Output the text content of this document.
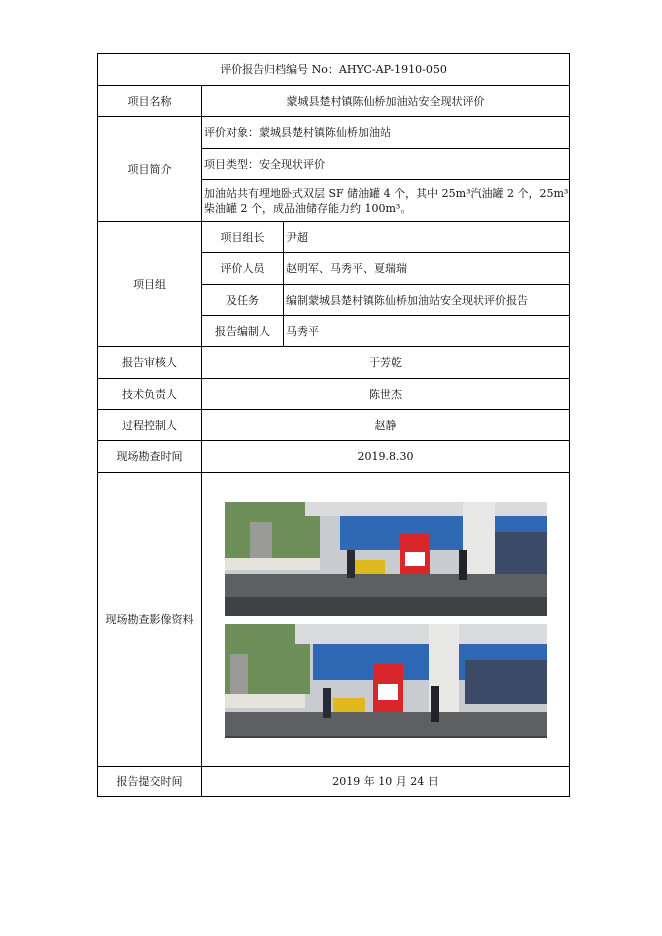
评价报告归档编号 No：AHYC-AP-1910-050		
项目名称	蒙城县楚村镇陈仙桥加油站安全现状评价	
项目简介	评价对象：蒙城县楚村镇陈仙桥加油站	
	项目类型：安全现状评价	
	加油站共有埋地卧式双层 SF 储油罐 4 个，其中 25m³汽油罐 2 个，25m³柴油罐 2 个，成品油储存能力约 100m³。	
项目组	项目组长	尹超
	评价人员	赵明军、马秀平、夏瑞瑞
	及任务	编制蒙城县楚村镇陈仙桥加油站安全现状评价报告
	报告编制人	马秀平
报告审核人	于芳乾	
技术负责人	陈世杰	
过程控制人	赵静	
现场勘查时间	2019.8.30	
现场勘查影像资料	

报告提交时间	2019 年 10 月 24 日	
